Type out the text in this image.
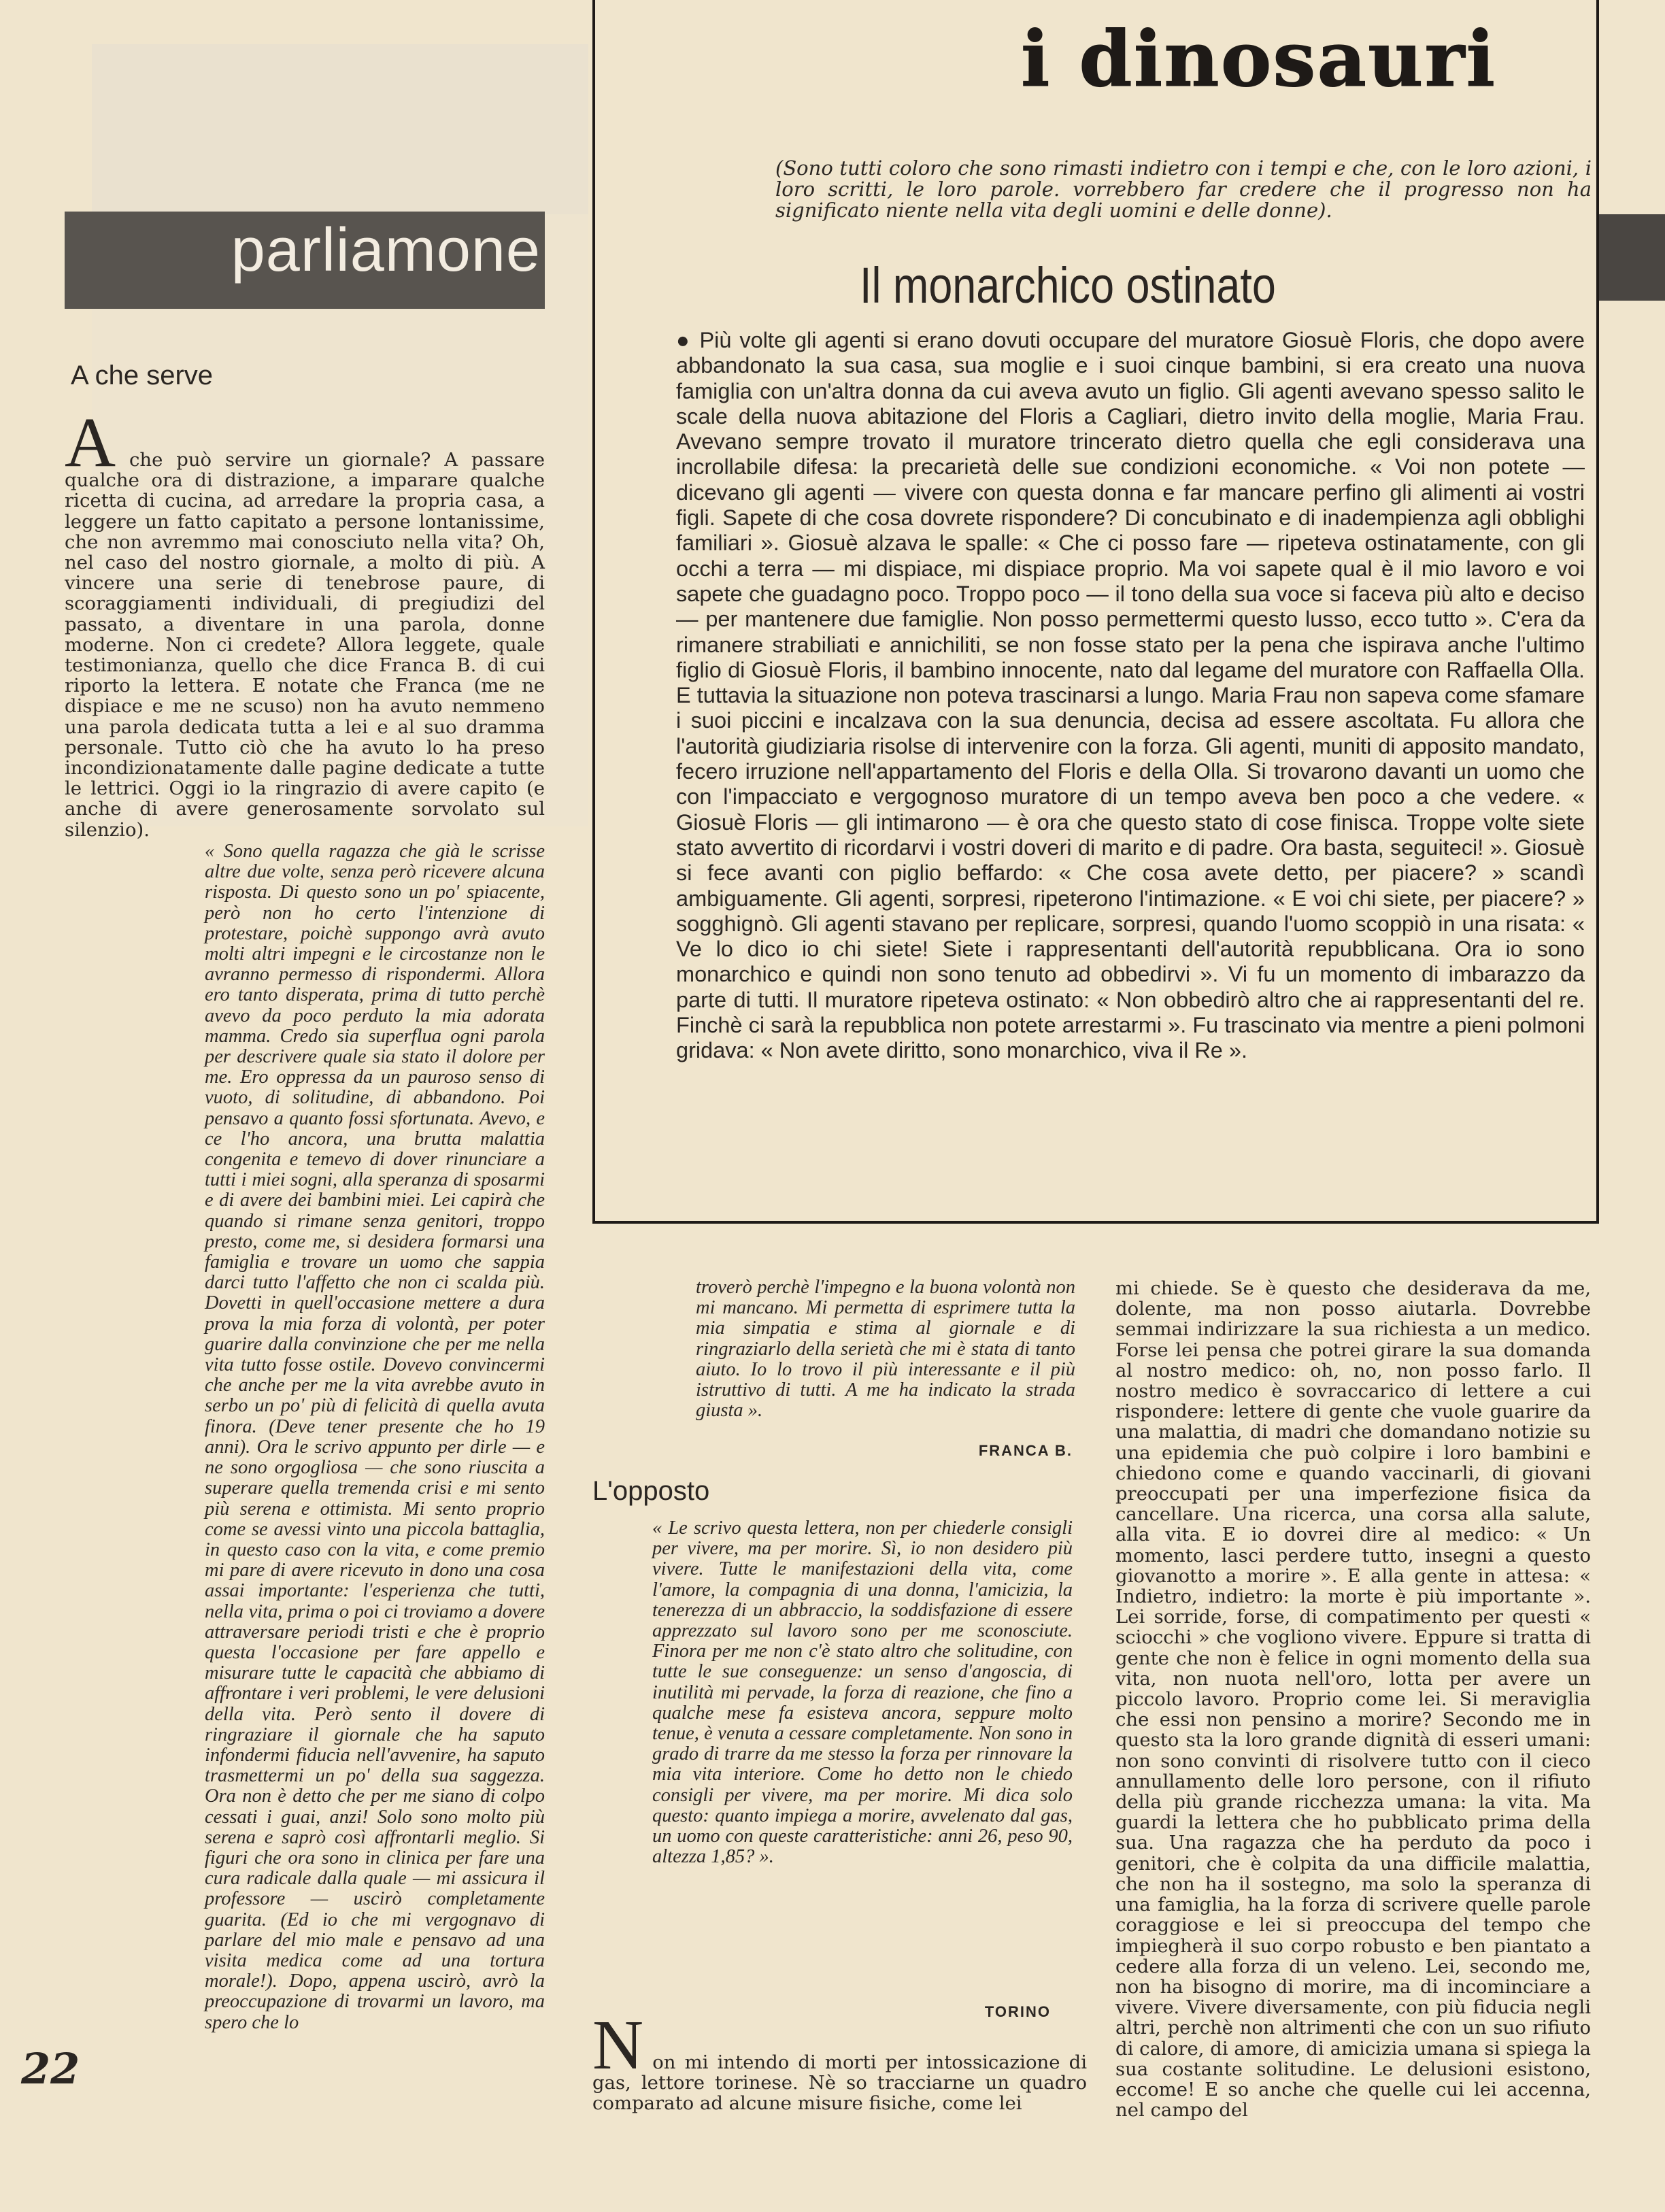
parliamone
i dinosauri
(Sono tutti coloro che sono rimasti indietro con i tempi e che, con le loro azioni, i loro scritti, le loro parole. vorrebbero far credere che il progresso non ha significato niente nella vita degli uomini e delle donne).
Il monarchico ostinato
● Più volte gli agenti si erano dovuti occupare del muratore Giosuè Floris, che dopo avere abbandonato la sua casa, sua moglie e i suoi cinque bambini, si era creato una nuova famiglia con un'altra donna da cui aveva avuto un figlio. Gli agenti avevano spesso salito le scale della nuova abitazione del Floris a Cagliari, dietro invito della moglie, Maria Frau. Avevano sempre trovato il muratore trincerato dietro quella che egli considerava una incrollabile difesa: la precarietà delle sue condizioni economiche. « Voi non potete — dicevano gli agenti — vivere con questa donna e far mancare perfino gli alimenti ai vostri figli. Sapete di che cosa dovrete rispondere? Di concubinato e di inadempienza agli obblighi familiari ». Giosuè alzava le spalle: « Che ci posso fare — ripeteva ostinatamente, con gli occhi a terra — mi dispiace, mi dispiace proprio. Ma voi sapete qual è il mio lavoro e voi sapete che guadagno poco. Troppo poco — il tono della sua voce si faceva più alto e deciso — per mantenere due famiglie. Non posso permettermi questo lusso, ecco tutto ». C'era da rimanere strabiliati e annichiliti, se non fosse stato per la pena che ispirava anche l'ultimo figlio di Giosuè Floris, il bambino innocente, nato dal legame del muratore con Raffaella Olla. E tuttavia la situazione non poteva trascinarsi a lungo. Maria Frau non sapeva come sfamare i suoi piccini e incalzava con la sua denuncia, decisa ad essere ascoltata. Fu allora che l'autorità giudiziaria risolse di intervenire con la forza. Gli agenti, muniti di apposito mandato, fecero irruzione nell'appartamento del Floris e della Olla. Si trovarono davanti un uomo che con l'impacciato e vergognoso muratore di un tempo aveva ben poco a che vedere. « Giosuè Floris — gli intimarono — è ora che questo stato di cose finisca. Troppe volte siete stato avvertito di ricordarvi i vostri doveri di marito e di padre. Ora basta, seguiteci! ». Giosuè si fece avanti con piglio beffardo: « Che cosa avete detto, per piacere? » scandì ambiguamente. Gli agenti, sorpresi, ripeterono l'intimazione. « E voi chi siete, per piacere? » sogghignò. Gli agenti stavano per replicare, sorpresi, quando l'uomo scoppiò in una risata: « Ve lo dico io chi siete! Siete i rappresentanti dell'autorità repubblicana. Ora io sono monarchico e quindi non sono tenuto ad obbedirvi ». Vi fu un momento di imbarazzo da parte di tutti. Il muratore ripeteva ostinato: « Non obbedirò altro che ai rappresentanti del re. Finchè ci sarà la repubblica non potete arrestarmi ». Fu trascinato via mentre a pieni polmoni gridava: « Non avete diritto, sono monarchico, viva il Re ».
A che serve
A che può servire un giornale? A passare qualche ora di distrazione, a imparare qualche ricetta di cucina, ad arredare la propria casa, a leggere un fatto capitato a persone lontanissime, che non avremmo mai conosciuto nella vita? Oh, nel caso del nostro giornale, a molto di più. A vincere una serie di tenebrose paure, di scoraggiamenti individuali, di pregiudizi del passato, a diventare in una parola, donne moderne. Non ci credete? Allora leggete, quale testimonianza, quello che dice Franca B. di cui riporto la lettera. E notate che Franca (me ne dispiace e me ne scuso) non ha avuto nemmeno una parola dedicata tutta a lei e al suo dramma personale. Tutto ciò che ha avuto lo ha preso incondizionatamente dalle pagine dedicate a tutte le lettrici. Oggi io la ringrazio di avere capito (e anche di avere generosamente sorvolato sul silenzio).
« Sono quella ragazza che già le scrisse altre due volte, senza però ricevere alcuna risposta. Di questo sono un po' spiacente, però non ho certo l'intenzione di protestare, poichè suppongo avrà avuto molti altri impegni e le circostanze non le avranno permesso di rispondermi. Allora ero tanto disperata, prima di tutto perchè avevo da poco perduto la mia adorata mamma. Credo sia superflua ogni parola per descrivere quale sia stato il dolore per me. Ero oppressa da un pauroso senso di vuoto, di solitudine, di abbandono. Poi pensavo a quanto fossi sfortunata. Avevo, e ce l'ho ancora, una brutta malattia congenita e temevo di dover rinunciare a tutti i miei sogni, alla speranza di sposarmi e di avere dei bambini miei. Lei capirà che quando si rimane senza genitori, troppo presto, come me, si desidera formarsi una famiglia e trovare un uomo che sappia darci tutto l'affetto che non ci scalda più. Dovetti in quell'occasione mettere a dura prova la mia forza di volontà, per poter guarire dalla convinzione che per me nella vita tutto fosse ostile. Dovevo convincermi che anche per me la vita avrebbe avuto in serbo un po' più di felicità di quella avuta finora. (Deve tener presente che ho 19 anni). Ora le scrivo appunto per dirle — e ne sono orgogliosa — che sono riuscita a superare quella tremenda crisi e mi sento più serena e ottimista. Mi sento proprio come se avessi vinto una piccola battaglia, in questo caso con la vita, e come premio mi pare di avere ricevuto in dono una cosa assai importante: l'esperienza che tutti, nella vita, prima o poi ci troviamo a dovere attraversare periodi tristi e che è proprio questa l'occasione per fare appello e misurare tutte le capacità che abbiamo di affrontare i veri problemi, le vere delusioni della vita. Però sento il dovere di ringraziare il giornale che ha saputo infondermi fiducia nell'avvenire, ha saputo trasmettermi un po' della sua saggezza. Ora non è detto che per me siano di colpo cessati i guai, anzi! Solo sono molto più serena e saprò così affrontarli meglio. Si figuri che ora sono in clinica per fare una cura radicale dalla quale — mi assicura il professore — uscirò completamente guarita. (Ed io che mi vergognavo di parlare del mio male e pensavo ad una visita medica come ad una tortura morale!). Dopo, appena uscirò, avrò la preoccupazione di trovarmi un lavoro, ma spero che lo
troverò perchè l'impegno e la buona volontà non mi mancano. Mi permetta di esprimere tutta la mia simpatia e stima al giornale e di ringraziarlo della serietà che mi è stata di tanto aiuto. Io lo trovo il più interessante e il più istruttivo di tutti. A me ha indicato la strada giusta ».
FRANCA B.
L'opposto
« Le scrivo questa lettera, non per chiederle consigli per vivere, ma per morire. Sì, io non desidero più vivere. Tutte le manifestazioni della vita, come l'amore, la compagnia di una donna, l'amicizia, la tenerezza di un abbraccio, la soddisfazione di essere apprezzato sul lavoro sono per me sconosciute. Finora per me non c'è stato altro che solitudine, con tutte le sue conseguenze: un senso d'angoscia, di inutilità mi pervade, la forza di reazione, che fino a qualche mese fa esisteva ancora, seppure molto tenue, è venuta a cessare completamente. Non sono in grado di trarre da me stesso la forza per rinnovare la mia vita interiore. Come ho detto non le chiedo consigli per vivere, ma per morire. Mi dica solo questo: quanto impiega a morire, avvelenato dal gas, un uomo con queste caratteristiche: anni 26, peso 90, altezza 1,85? ».
TORINO
N on mi intendo di morti per intossicazione di gas, lettore torinese. Nè so tracciarne un quadro comparato ad alcune misure fisiche, come lei
mi chiede. Se è questo che desiderava da me, dolente, ma non posso aiutarla. Dovrebbe semmai indirizzare la sua richiesta a un medico. Forse lei pensa che potrei girare la sua domanda al nostro medico: oh, no, non posso farlo. Il nostro medico è sovraccarico di lettere a cui rispondere: lettere di gente che vuole guarire da una malattia, di madri che domandano notizie su una epidemia che può colpire i loro bambini e chiedono come e quando vaccinarli, di giovani preoccupati per una imperfezione fisica da cancellare. Una ricerca, una corsa alla salute, alla vita. E io dovrei dire al medico: « Un momento, lasci perdere tutto, insegni a questo giovanotto a morire ». E alla gente in attesa: « Indietro, indietro: la morte è più importante ». Lei sorride, forse, di compatimento per questi « sciocchi » che vogliono vivere. Eppure si tratta di gente che non è felice in ogni momento della sua vita, non nuota nell'oro, lotta per avere un piccolo lavoro. Proprio come lei. Si meraviglia che essi non pensino a morire? Secondo me in questo sta la loro grande dignità di esseri umani: non sono convinti di risolvere tutto con il cieco annullamento delle loro persone, con il rifiuto della più grande ricchezza umana: la vita. Ma guardi la lettera che ho pubblicato prima della sua. Una ragazza che ha perduto da poco i genitori, che è colpita da una difficile malattia, che non ha il sostegno, ma solo la speranza di una famiglia, ha la forza di scrivere quelle parole coraggiose e lei si preoccupa del tempo che impiegherà il suo corpo robusto e ben piantato a cedere alla forza di un veleno. Lei, secondo me, non ha bisogno di morire, ma di incominciare a vivere. Vivere diversamente, con più fiducia negli altri, perchè non altrimenti che con un suo rifiuto di calore, di amore, di amicizia umana si spiega la sua costante solitudine. Le delusioni esistono, eccome! E so anche che quelle cui lei accenna, nel campo del
22
